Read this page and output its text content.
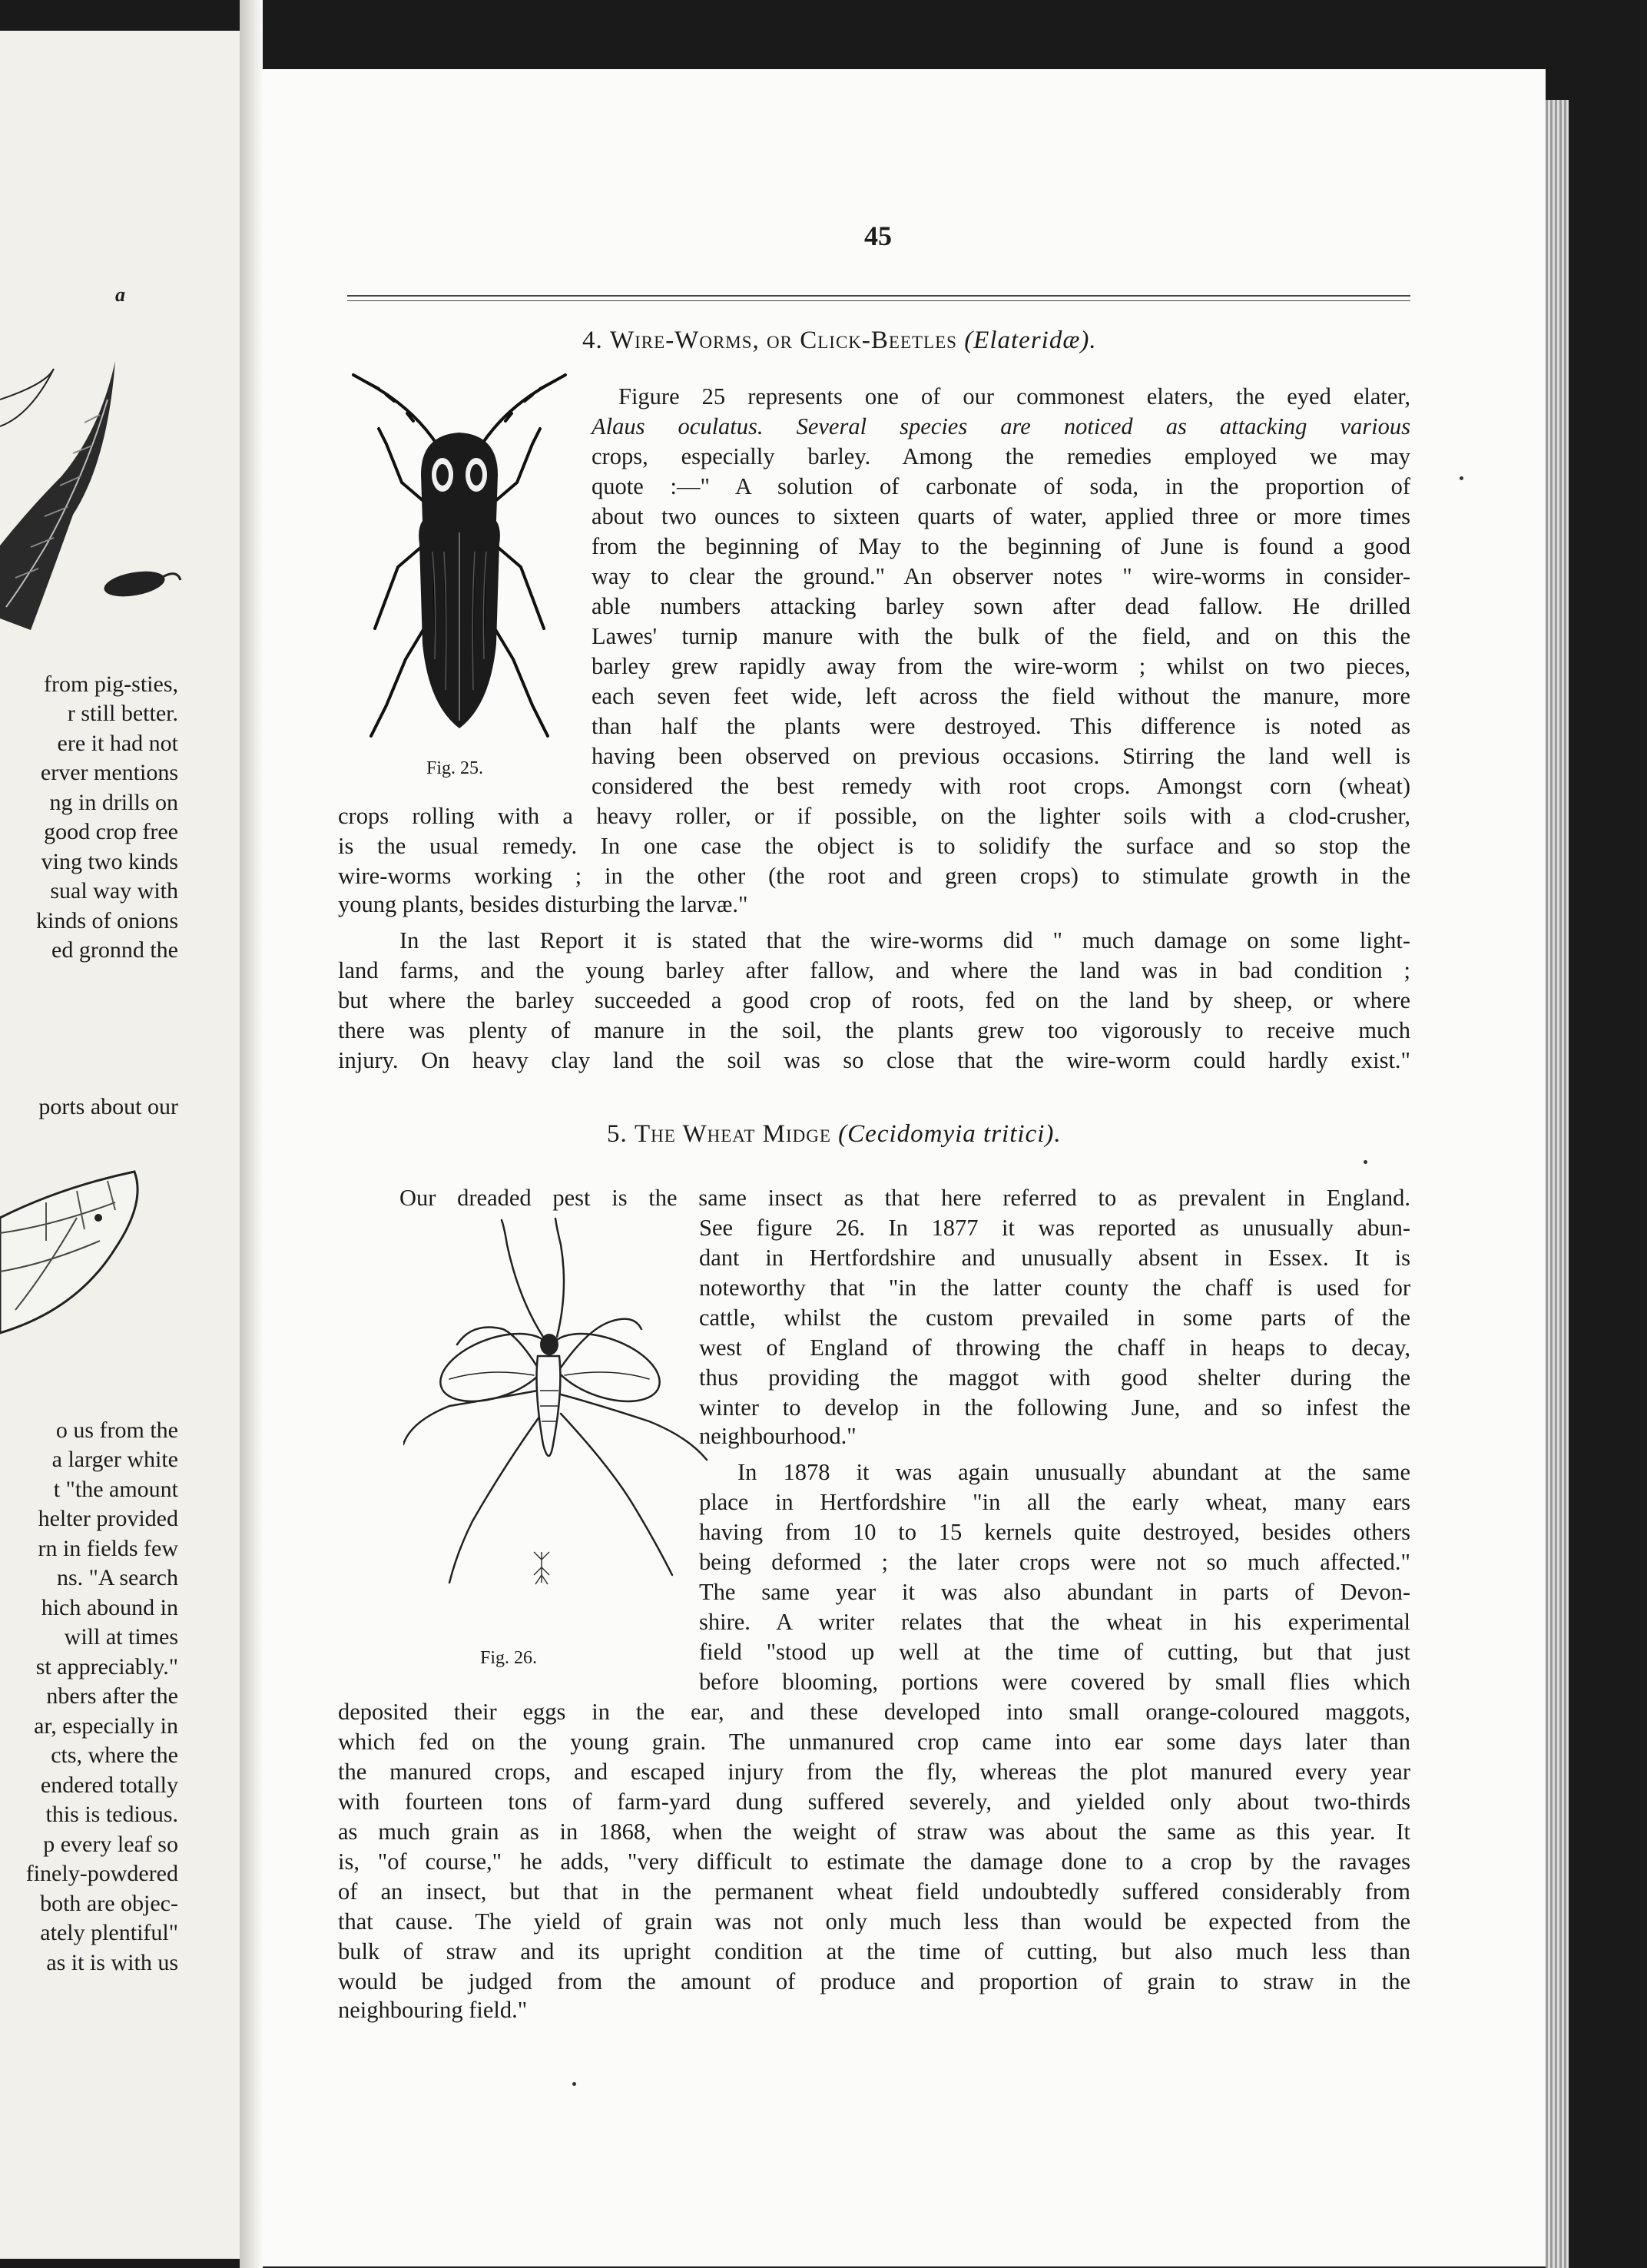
a

from pig-sties,

r still better.

ere it had not

erver mentions

ng in drills on

good crop free

ving two kinds

sual way with

kinds of onions

ed gronnd the

ports about our

o us from the

a larger white

t "the amount

helter provided

rn in fields few

ns. "A search

hich abound in

will at times

st appreciably."

nbers after the

ar, especially in

cts, where the

endered totally

this is tedious.

p every leaf so

finely-powdered

both are objec-

ately plentiful"

as it is with us

45

4. Wire-Worms, or Click-Beetles (Elateridæ).

Fig. 25.

Figure 25 represents one of our commonest elaters, the eyed elater,

Alaus oculatus. Several species are noticed as attacking various

crops, especially barley. Among the remedies employed we may

quote :—" A solution of carbonate of soda, in the proportion of

about two ounces to sixteen quarts of water, applied three or more times

from the beginning of May to the beginning of June is found a good

way to clear the ground." An observer notes " wire-worms in consider-

able numbers attacking barley sown after dead fallow. He drilled

Lawes' turnip manure with the bulk of the field, and on this the

barley grew rapidly away from the wire-worm ; whilst on two pieces,

each seven feet wide, left across the field without the manure, more

than half the plants were destroyed. This difference is noted as

having been observed on previous occasions. Stirring the land well is

considered the best remedy with root crops. Amongst corn (wheat)

crops rolling with a heavy roller, or if possible, on the lighter soils with a clod-crusher,

is the usual remedy. In one case the object is to solidify the surface and so stop the

wire-worms working ; in the other (the root and green crops) to stimulate growth in the

young plants, besides disturbing the larvæ."

In the last Report it is stated that the wire-worms did " much damage on some light-

land farms, and the young barley after fallow, and where the land was in bad condition ;

but where the barley succeeded a good crop of roots, fed on the land by sheep, or where

there was plenty of manure in the soil, the plants grew too vigorously to receive much

injury. On heavy clay land the soil was so close that the wire-worm could hardly exist."

5. The Wheat Midge (Cecidomyia tritici).

Our dreaded pest is the same insect as that here referred to as prevalent in England.

Fig. 26.

See figure 26. In 1877 it was reported as unusually abun-

dant in Hertfordshire and unusually absent in Essex. It is

noteworthy that "in the latter county the chaff is used for

cattle, whilst the custom prevailed in some parts of the

west of England of throwing the chaff in heaps to decay,

thus providing the maggot with good shelter during the

winter to develop in the following June, and so infest the

neighbourhood."

In 1878 it was again unusually abundant at the same

place in Hertfordshire "in all the early wheat, many ears

having from 10 to 15 kernels quite destroyed, besides others

being deformed ; the later crops were not so much affected."

The same year it was also abundant in parts of Devon-

shire. A writer relates that the wheat in his experimental

field "stood up well at the time of cutting, but that just

before blooming, portions were covered by small flies which

deposited their eggs in the ear, and these developed into small orange-coloured maggots,

which fed on the young grain. The unmanured crop came into ear some days later than

the manured crops, and escaped injury from the fly, whereas the plot manured every year

with fourteen tons of farm-yard dung suffered severely, and yielded only about two-thirds

as much grain as in 1868, when the weight of straw was about the same as this year. It

is, "of course," he adds, "very difficult to estimate the damage done to a crop by the ravages

of an insect, but that in the permanent wheat field undoubtedly suffered considerably from

that cause. The yield of grain was not only much less than would be expected from the

bulk of straw and its upright condition at the time of cutting, but also much less than

would be judged from the amount of produce and proportion of grain to straw in the

neighbouring field."
